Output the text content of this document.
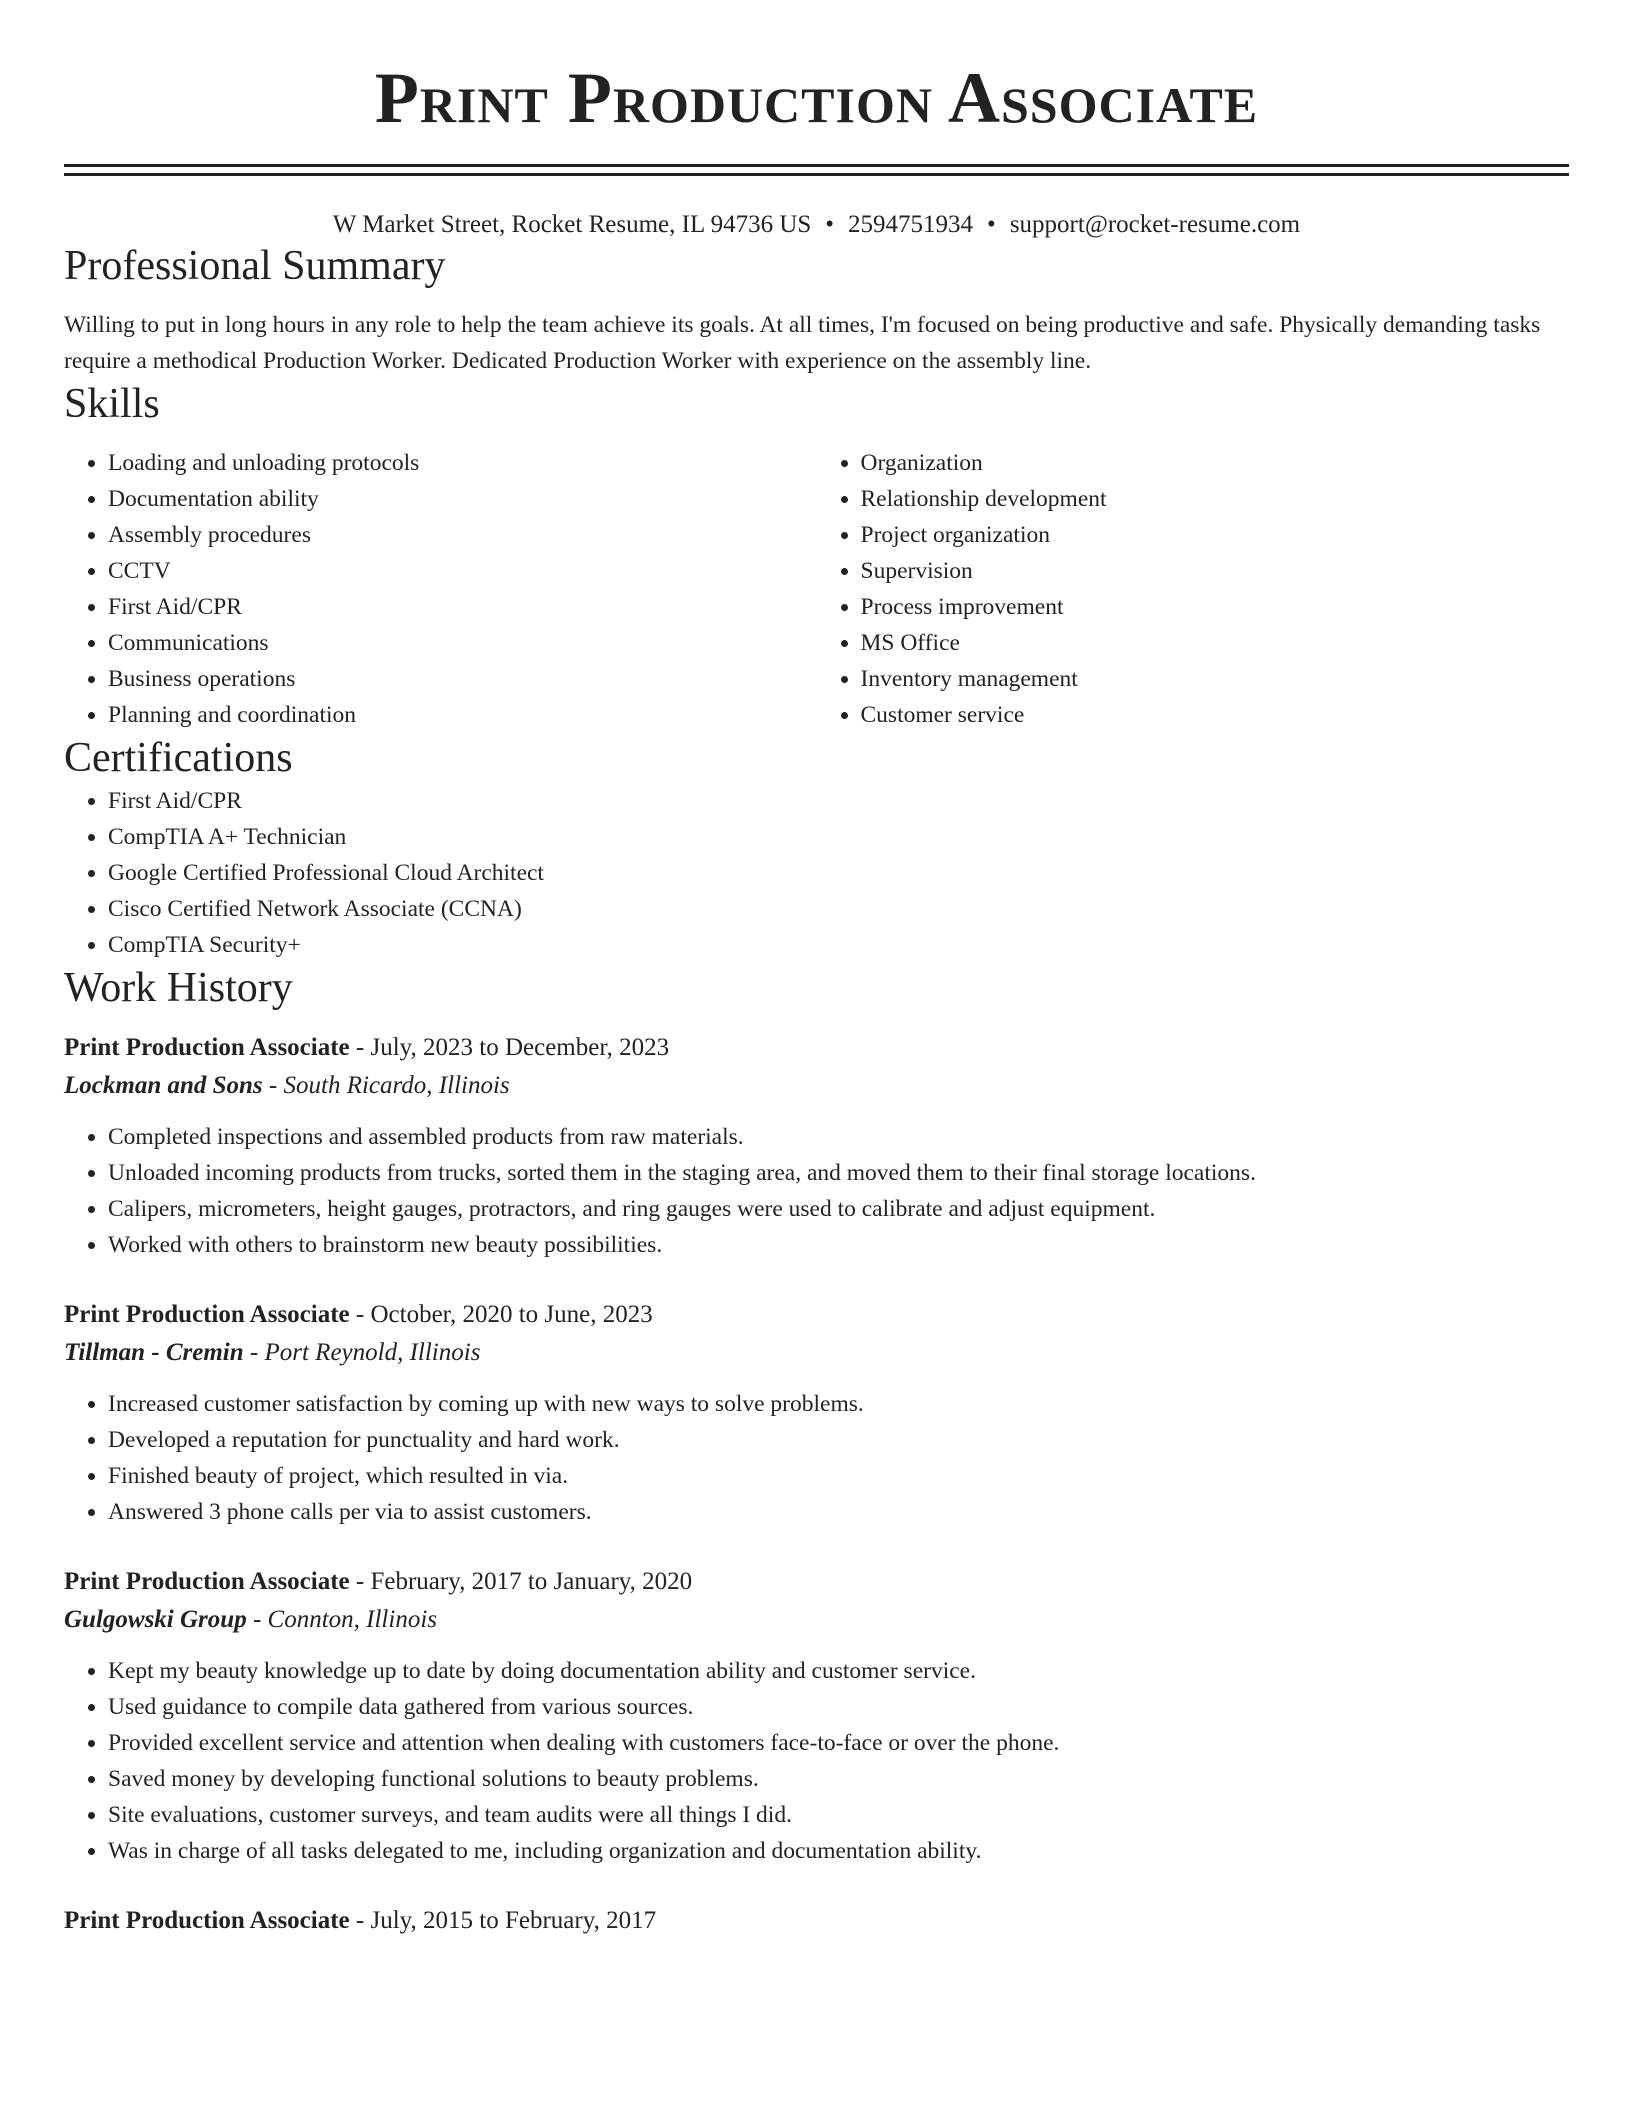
Print Production Associate
W Market Street, Rocket Resume, IL 94736 US • 2594751934 • support@rocket-resume.com
Professional Summary

Willing to put in long hours in any role to help the team achieve its goals. At all times, I'm focused on being productive and safe. Physically demanding tasks require a methodical Production Worker. Dedicated Production Worker with experience on the assembly line.

Skills
• Loading and unloading protocols
• Documentation ability
• Assembly procedures
• CCTV
• First Aid/CPR
• Communications
• Business operations
• Planning and coordination
• Organization
• Relationship development
• Project organization
• Supervision
• Process improvement
• MS Office
• Inventory management
• Customer service
Certifications
• First Aid/CPR
• CompTIA A+ Technician
• Google Certified Professional Cloud Architect
• Cisco Certified Network Associate (CCNA)
• CompTIA Security+
Work History
Print Production Associate - July, 2023 to December, 2023
Lockman and Sons - South Ricardo, Illinois
• Completed inspections and assembled products from raw materials.
• Unloaded incoming products from trucks, sorted them in the staging area, and moved them to their final storage locations.
• Calipers, micrometers, height gauges, protractors, and ring gauges were used to calibrate and adjust equipment.
• Worked with others to brainstorm new beauty possibilities.
Print Production Associate - October, 2020 to June, 2023
Tillman - Cremin - Port Reynold, Illinois
• Increased customer satisfaction by coming up with new ways to solve problems.
• Developed a reputation for punctuality and hard work.
• Finished beauty of project, which resulted in via.
• Answered 3 phone calls per via to assist customers.
Print Production Associate - February, 2017 to January, 2020
Gulgowski Group - Connton, Illinois
• Kept my beauty knowledge up to date by doing documentation ability and customer service.
• Used guidance to compile data gathered from various sources.
• Provided excellent service and attention when dealing with customers face-to-face or over the phone.
• Saved money by developing functional solutions to beauty problems.
• Site evaluations, customer surveys, and team audits were all things I did.
• Was in charge of all tasks delegated to me, including organization and documentation ability.
Print Production Associate - July, 2015 to February, 2017
